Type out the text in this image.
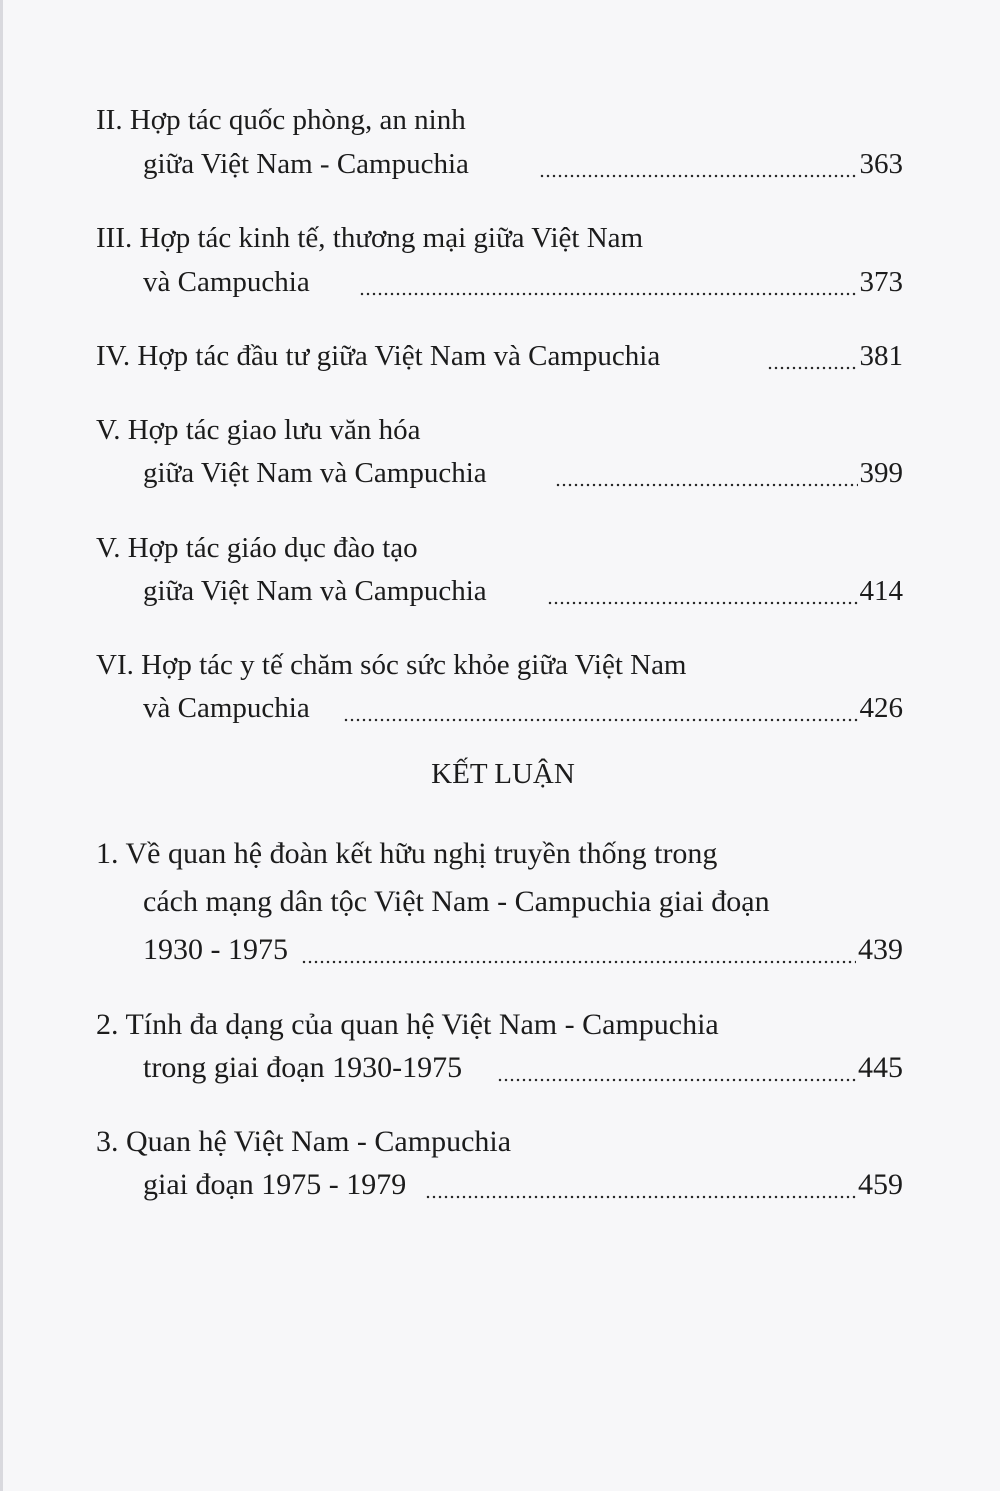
II. Hợp tác quốc phòng, an ninh
giữa Việt Nam - Campuchia	363
III. Hợp tác kinh tế, thương mại giữa Việt Nam
và Campuchia	373
IV. Hợp tác đầu tư giữa Việt Nam và Campuchia	381
V. Hợp tác giao lưu văn hóa
giữa Việt Nam và Campuchia	399
V. Hợp tác giáo dục đào tạo
giữa Việt Nam và Campuchia	414
VI. Hợp tác y tế chăm sóc sức khỏe giữa Việt Nam
và Campuchia	426
KẾT LUẬN
1. Về quan hệ đoàn kết hữu nghị truyền thống trong
cách mạng dân tộc Việt Nam - Campuchia giai đoạn
1930 - 1975	439
2. Tính đa dạng của quan hệ Việt Nam - Campuchia
trong giai đoạn 1930-1975	445
3. Quan hệ Việt Nam - Campuchia
giai đoạn 1975 - 1979	459
